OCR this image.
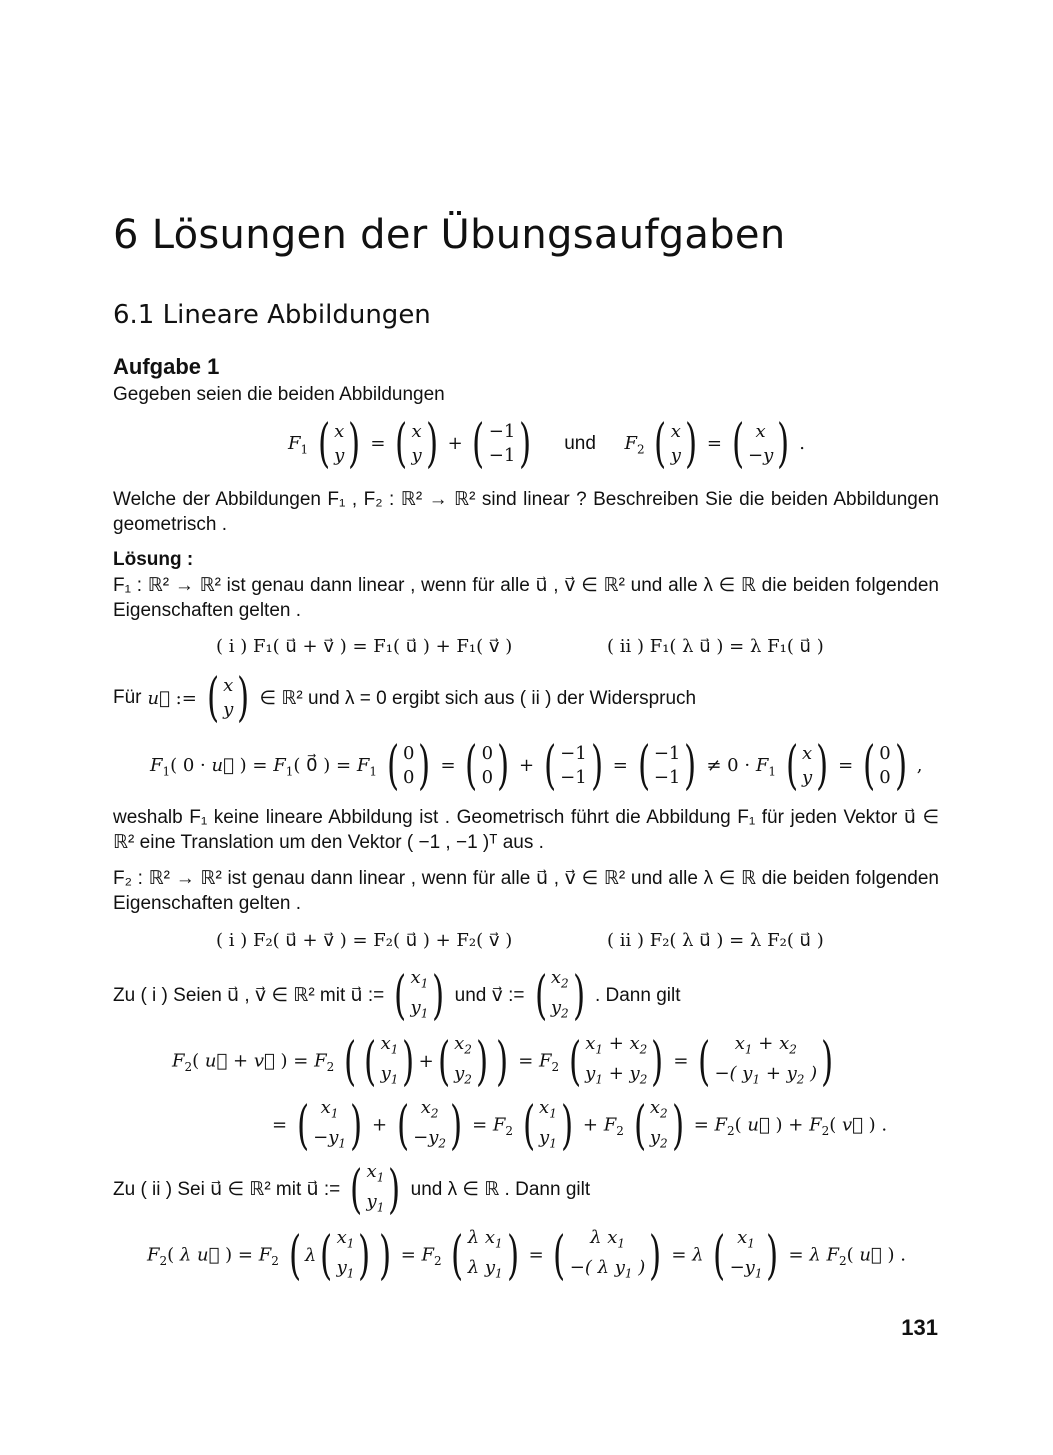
6 Lösungen der Übungsaufgaben
6.1 Lineare Abbildungen
Aufgabe 1
Gegeben seien die beiden Abbildungen
$F_1$ ( x
y ) = ( x
y ) + ( −1
−1 ) und $F_2$ ( x
y ) = ( x
−y ) .
Welche der Abbildungen F₁ , F₂ : ℝ² → ℝ² sind linear ? Beschreiben Sie die beiden Abbildungen geometrisch .
Lösung :
F₁ : ℝ² → ℝ² ist genau dann linear , wenn für alle u⃗ , v⃗ ∈ ℝ² und alle λ ∈ ℝ die beiden folgenden Eigenschaften gelten .
( i ) F₁( u⃗ + v⃗ ) = F₁( u⃗ ) + F₁( v⃗ )	( ii ) F₁( λ u⃗ ) = λ F₁( u⃗ )
Für u⃗ := ( x
y ) ∈ ℝ² und λ = 0 ergibt sich aus ( ii ) der Widerspruch
$F_1$( 0 · u⃗ ) = $F_1$( 0⃗ ) = $F_1$ ( 0
0 ) = ( 0
0 ) + ( −1
−1 ) = ( −1
−1 ) ≠ $0 \cdot F_1$ ( x
y ) = ( 0
0 ) ,
weshalb F₁ keine lineare Abbildung ist . Geometrisch führt die Abbildung F₁ für jeden Vektor u⃗ ∈ ℝ² eine Translation um den Vektor ( −1 , −1 )ᵀ aus .
F₂ : ℝ² → ℝ² ist genau dann linear , wenn für alle u⃗ , v⃗ ∈ ℝ² und alle λ ∈ ℝ die beiden folgenden Eigenschaften gelten .
( i ) F₂( u⃗ + v⃗ ) = F₂( u⃗ ) + F₂( v⃗ )	( ii ) F₂( λ u⃗ ) = λ F₂( u⃗ )
Zu ( i ) Seien u⃗ , v⃗ ∈ ℝ² mit u⃗ := ( $x_1$
$y_1$ ) und v⃗ := ( $x_2$
$y_2$ ) . Dann gilt
$F_2$( u⃗ + v⃗ ) = $F_2$ ( ( $x_1$
$y_1$ ) + ( $x_2$
$y_2$ ) ) = $F_2$ ( $x_1 + x_2$
$y_1 + y_2$ ) = ( $x_1 + x_2$
−( $y_1 + y_2$ ) )
= ( $x_1$
$-y_1$ ) + ( $x_2$
$-y_2$ ) = $F_2$ ( $x_1$
$y_1$ ) + $F_2$ ( $x_2$
$y_2$ ) = $F_2$( u⃗ ) + $F_2$( v⃗ ) .
Zu ( ii ) Sei u⃗ ∈ ℝ² mit u⃗ := ( $x_1$
$y_1$ ) und λ ∈ ℝ . Dann gilt
$F_2$( λ u⃗ ) = $F_2$ ( λ ( $x_1$
$y_1$ ) ) = $F_2$ ( λ $x_1$
λ $y_1$ ) = ( λ $x_1$
−( λ $y_1$ ) ) = λ ( $x_1$
$-y_1$ ) = λ $F_2$( u⃗ ) .
131
